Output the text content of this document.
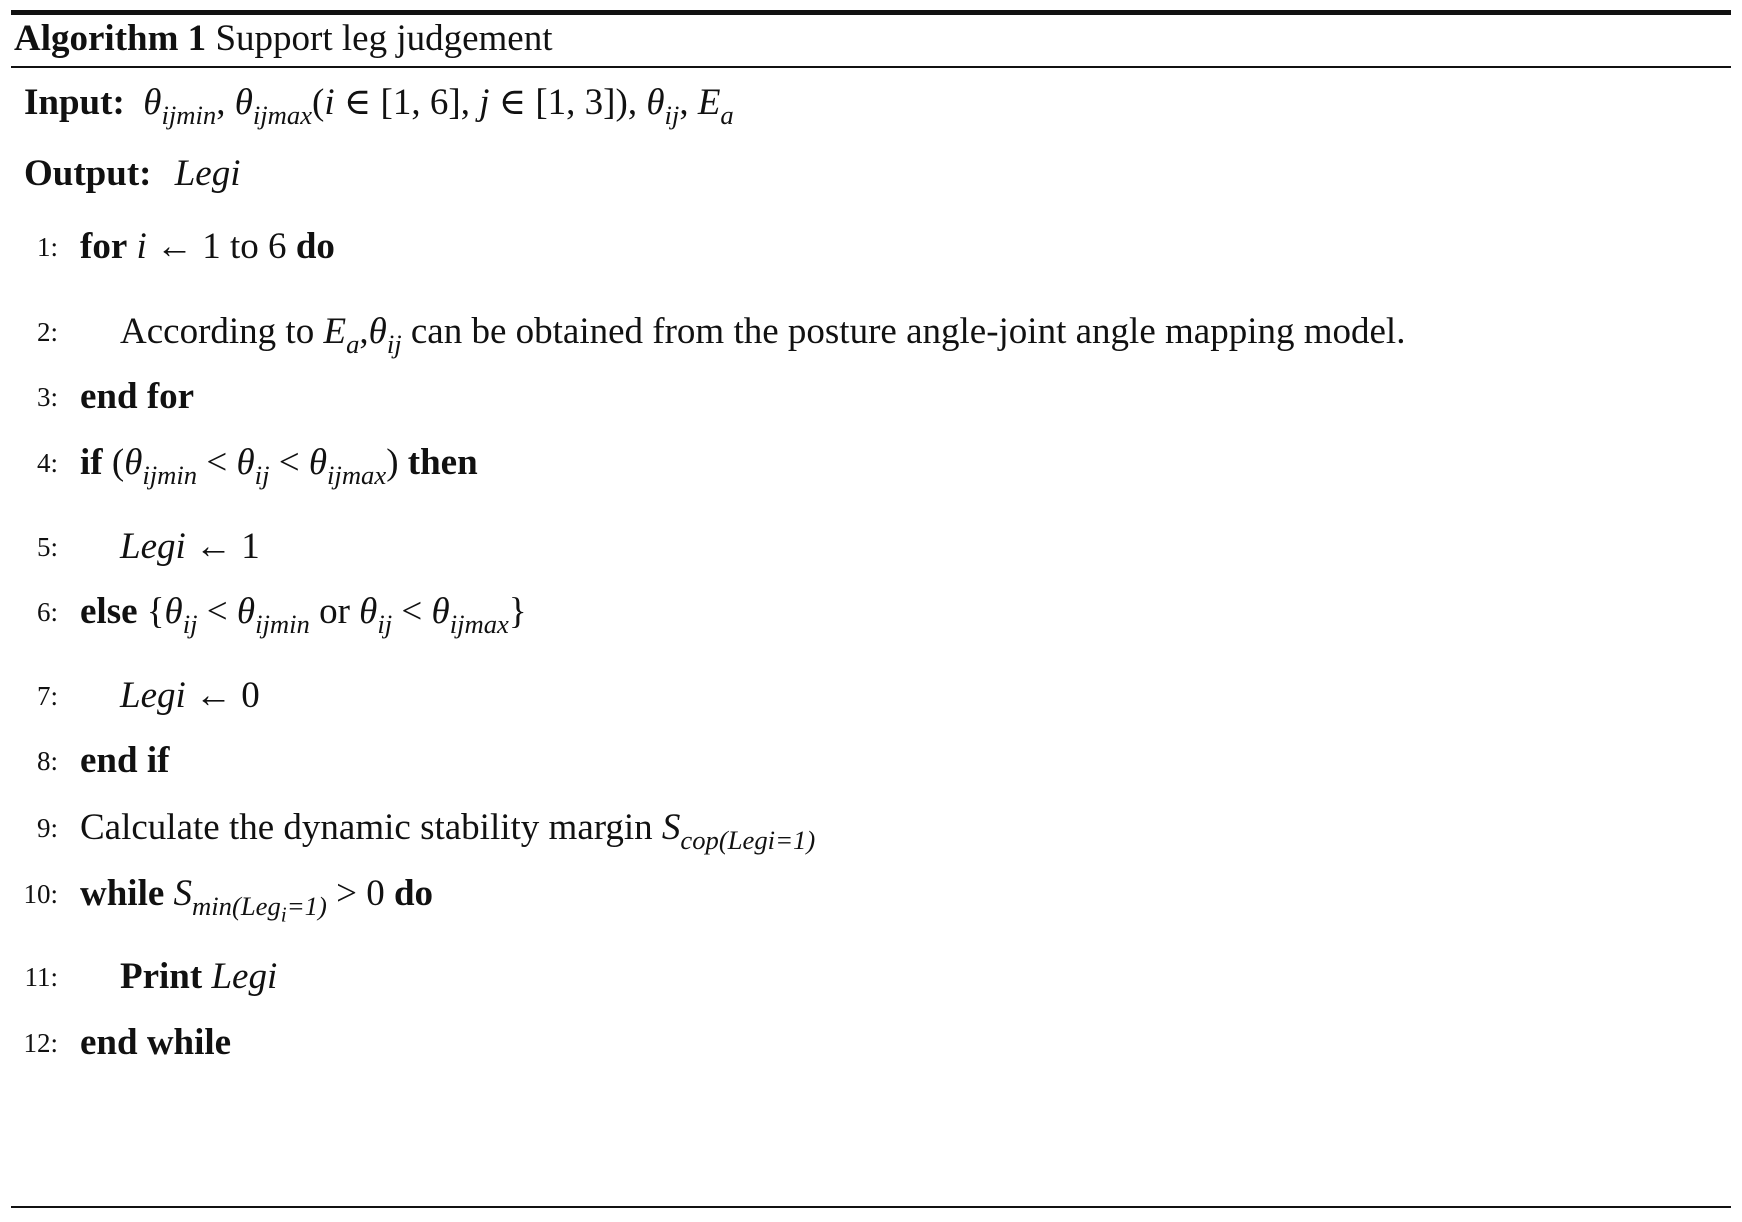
Algorithm 1 Support leg judgement
Input: $\theta_{ijmin}$, $\theta_{ijmax}(i$ ∈ [1, 6], j ∈ [1, 3]), $\theta_{ij}$, $E_a$
Output: Legi
1: for i ← 1 to 6 do
2: According to $E_a,\theta_{ij}$ can be obtained from the posture angle-joint angle mapping model.
3: end for
4: if $(\theta_{ijmin} < \theta_{ij} < \theta_{ijmax})$ then
5: Legi ← 1
6: else {$\theta_{ij} < \theta_{ijmin}$ or $\theta_{ij} < \theta_{ijmax}$}
7: Legi ← 0
8: end if
9: Calculate the dynamic stability margin $S_{cop(Legi=1)}$
10: while $S_{min(Leg_i=1)} > 0$ do
11: Print Legi
12: end while
